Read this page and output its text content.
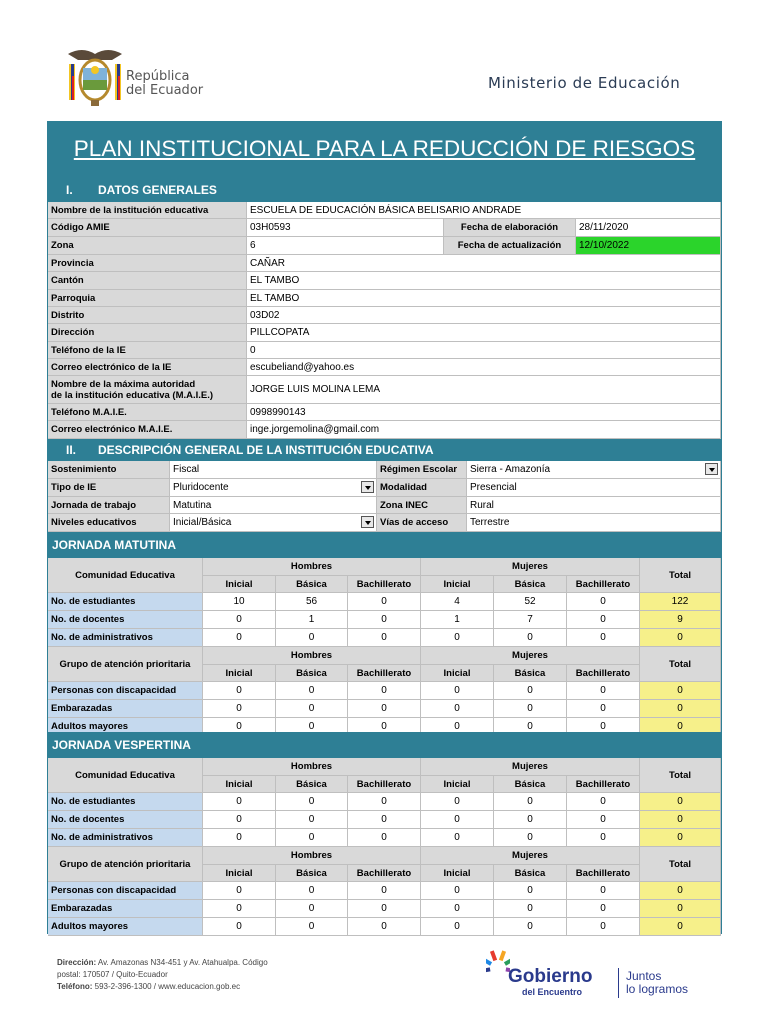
República
del Ecuador	Ministerio de Educación
PLAN INSTITUCIONAL PARA LA REDUCCIÓN DE RIESGOS
I. DATOS GENERALES
Nombre de la institución educativa	ESCUELA DE EDUCACIÓN BÁSICA BELISARIO ANDRADE
Código AMIE	03H0593	Fecha de elaboración	28/11/2020
Zona	6	Fecha de actualización	12/10/2022
Provincia	CAÑAR
Cantón	EL TAMBO
Parroquia	EL TAMBO
Distrito	03D02
Dirección	PILLCOPATA
Teléfono de la IE	0
Correo electrónico de la IE	escubeliand@yahoo.es
Nombre de la máxima autoridad
de la institución educativa (M.A.I.E.)	JORGE LUIS MOLINA LEMA
Teléfono M.A.I.E.	0998990143
Correo electrónico M.A.I.E.	inge.jorgemolina@gmail.com
II. DESCRIPCIÓN GENERAL DE LA INSTITUCIÓN EDUCATIVA
Sostenimiento	Fiscal	Régimen Escolar	Sierra - Amazonía
Tipo de IE	Pluridocente	Modalidad	Presencial
Jornada de trabajo	Matutina	Zona INEC	Rural
Niveles educativos	Inicial/Básica	Vías de acceso	Terrestre
JORNADA MATUTINA
Comunidad Educativa
Hombres	Mujeres
Total
Inicial	Básica	Bachillerato	Inicial	Básica	Bachillerato
No. de estudiantes	10	56	0	4	52	0	122
No. de docentes	0	1	0	1	7	0	9
No. de administrativos	0	0	0	0	0	0	0
Grupo de atención prioritaria
Hombres	Mujeres
Total
Inicial	Básica	Bachillerato	Inicial	Básica	Bachillerato
Personas con discapacidad	0	0	0	0	0	0	0
Embarazadas	0	0	0	0	0	0	0
Adultos mayores	0	0	0	0	0	0	0
JORNADA VESPERTINA
Comunidad Educativa
Hombres	Mujeres
Total
Inicial	Básica	Bachillerato	Inicial	Básica	Bachillerato
No. de estudiantes	0	0	0	0	0	0	0
No. de docentes	0	0	0	0	0	0	0
No. de administrativos	0	0	0	0	0	0	0
Grupo de atención prioritaria
Hombres	Mujeres
Total
Inicial	Básica	Bachillerato	Inicial	Básica	Bachillerato
Personas con discapacidad	0	0	0	0	0	0	0
Embarazadas	0	0	0	0	0	0	0
Adultos mayores	0	0	0	0	0	0	0
Dirección: Av. Amazonas N34-451 y Av. Atahualpa. Código
postal: 170507 / Quito-Ecuador
Teléfono: 593-2-396-1300 / www.educacion.gob.ec	Gobierno
del Encuentro
Juntos
lo logramos
